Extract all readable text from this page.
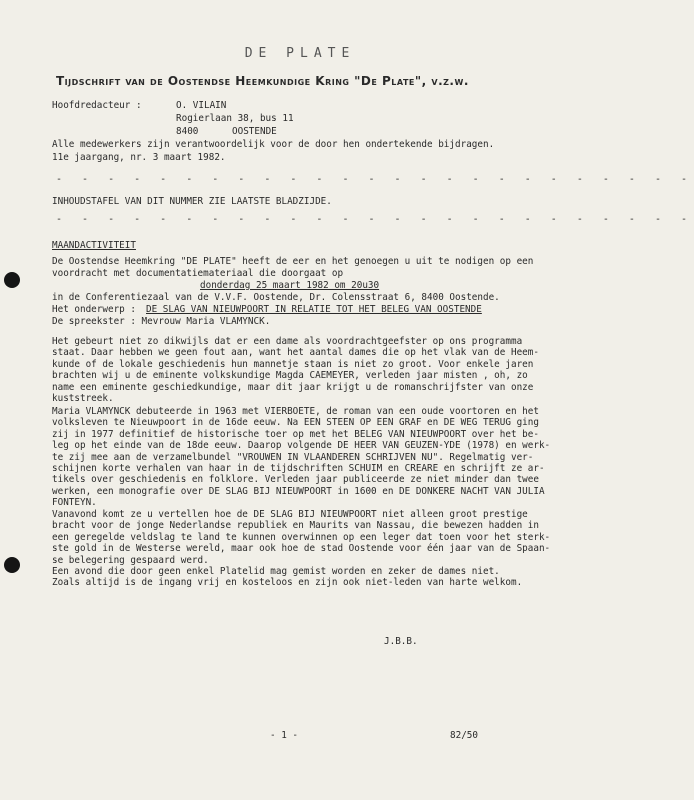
DE PLATE
Tijdschrift van de Oostendse Heemkundige Kring "De Plate", v.z.w.
Hoofdredacteur :	O. VILAIN
Rogierlaan 38, bus 11
8400	OOSTENDE
Alle medewerkers zijn verantwoordelijk voor de door hen ondertekende bijdragen.
11e jaargang, nr. 3 maart 1982.
- - - - - - - - - - - - - - - - - - - - - - - - -
INHOUDSTAFEL VAN DIT NUMMER ZIE LAATSTE BLADZIJDE.
- - - - - - - - - - - - - - - - - - - - - - - - -
MAANDACTIVITEIT
De Oostendse Heemkring "DE PLATE" heeft de eer en het genoegen u uit te nodigen op een
voordracht met documentatiemateriaal die doorgaat op
donderdag 25 maart 1982 om 20u30
in de Conferentiezaal van de V.V.F. Oostende, Dr. Colensstraat 6, 8400 Oostende.
Het onderwerp : DE SLAG VAN NIEUWPOORT IN RELATIE TOT HET BELEG VAN OOSTENDE
De spreekster : Mevrouw Maria VLAMYNCK.
Het gebeurt niet zo dikwijls dat er een dame als voordrachtgeefster op ons programma
staat. Daar hebben we geen fout aan, want het aantal dames die op het vlak van de Heem-
kunde of de lokale geschiedenis hun mannetje staan is niet zo groot. Voor enkele jaren
brachten wij u de eminente volkskundige Magda CAEMEYER, verleden jaar misten , oh, zo
name een eminente geschiedkundige, maar dit jaar krijgt u de romanschrijfster van onze
kuststreek.
Maria VLAMYNCK debuteerde in 1963 met VIERBOETE, de roman van een oude voortoren en het
volksleven te Nieuwpoort in de 16de eeuw. Na EEN STEEN OP EEN GRAF en DE WEG TERUG ging
zij in 1977 definitief de historische toer op met het BELEG VAN NIEUWPOORT over het be-
leg op het einde van de 18de eeuw. Daarop volgende DE HEER VAN GEUZEN-YDE (1978) en werk-
te zij mee aan de verzamelbundel "VROUWEN IN VLAANDEREN SCHRIJVEN NU". Regelmatig ver-
schijnen korte verhalen van haar in de tijdschriften SCHUIM en CREARE en schrijft ze ar-
tikels over geschiedenis en folklore. Verleden jaar publiceerde ze niet minder dan twee
werken, een monografie over DE SLAG BIJ NIEUWPOORT in 1600 en DE DONKERE NACHT VAN JULIA
FONTEYN.
Vanavond komt ze u vertellen hoe de DE SLAG BIJ NIEUWPOORT niet alleen groot prestige
bracht voor de jonge Nederlandse republiek en Maurits van Nassau, die bewezen hadden in
een geregelde veldslag te land te kunnen overwinnen op een leger dat toen voor het sterk-
ste gold in de Westerse wereld, maar ook hoe de stad Oostende voor één jaar van de Spaan-
se belegering gespaard werd.
Een avond die door geen enkel Platelid mag gemist worden en zeker de dames niet.
Zoals altijd is de ingang vrij en kosteloos en zijn ook niet-leden van harte welkom.
J.B.B.
- 1 -	82/50
